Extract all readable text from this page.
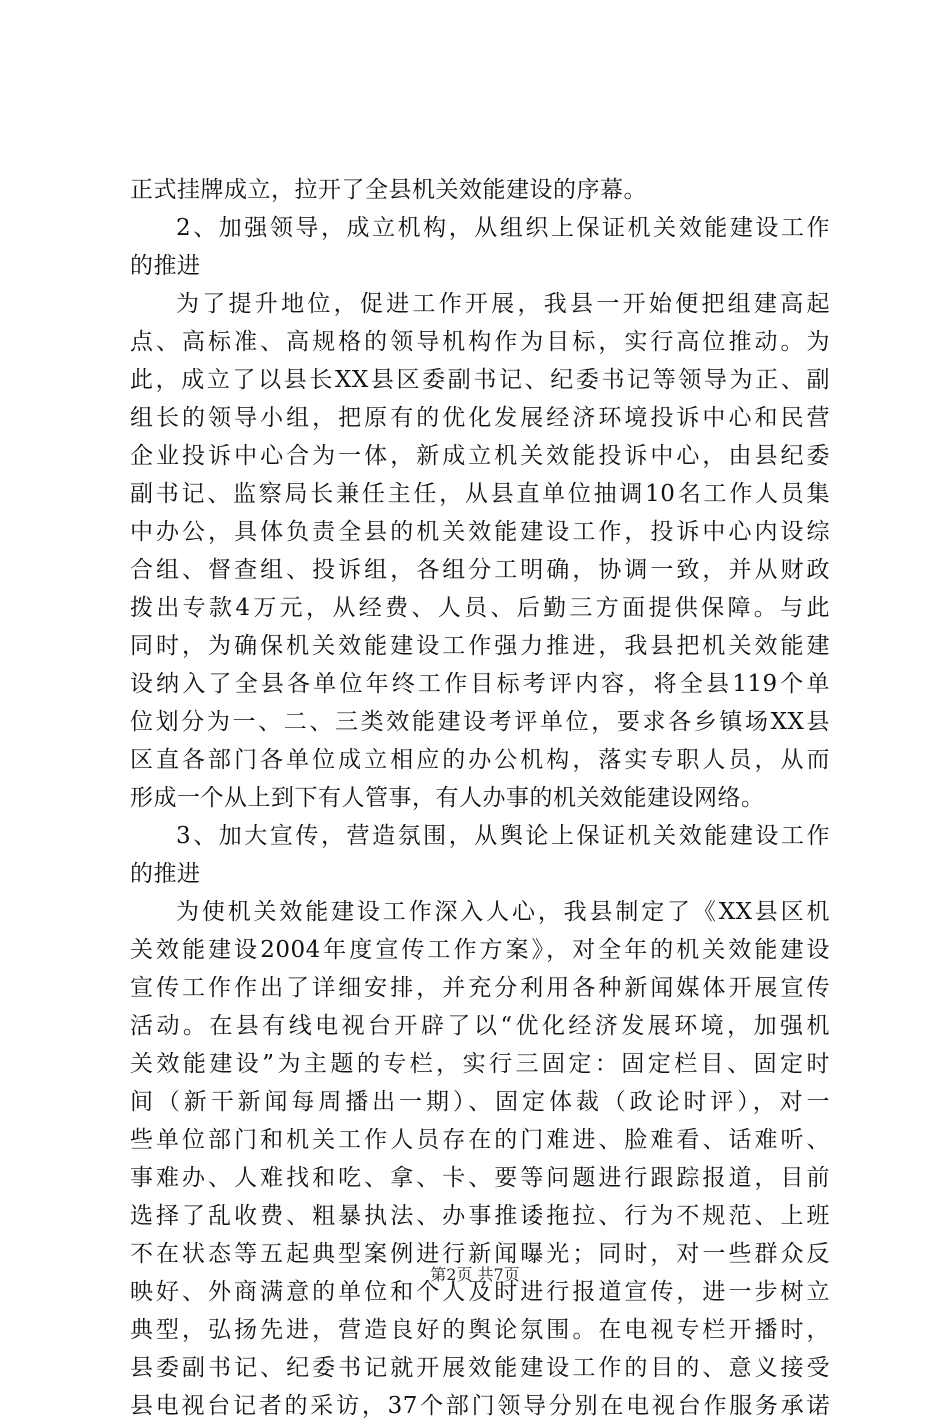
正式挂牌成立，拉开了全县机关效能建设的序幕。
2、加强领导，成立机构，从组织上保证机关效能建设工作
的推进
为了提升地位，促进工作开展，我县一开始便把组建高起
点、高标准、高规格的领导机构作为目标，实行高位推动。为
此，成立了以县长XX县区委副书记、纪委书记等领导为正、副
组长的领导小组，把原有的优化发展经济环境投诉中心和民营
企业投诉中心合为一体，新成立机关效能投诉中心，由县纪委
副书记、监察局长兼任主任，从县直单位抽调10名工作人员集
中办公，具体负责全县的机关效能建设工作，投诉中心内设综
合组、督查组、投诉组，各组分工明确，协调一致，并从财政
拨出专款4万元，从经费、人员、后勤三方面提供保障。与此
同时，为确保机关效能建设工作强力推进，我县把机关效能建
设纳入了全县各单位年终工作目标考评内容，将全县119个单
位划分为一、二、三类效能建设考评单位，要求各乡镇场XX县
区直各部门各单位成立相应的办公机构，落实专职人员，从而
形成一个从上到下有人管事，有人办事的机关效能建设网络。
3、加大宣传，营造氛围，从舆论上保证机关效能建设工作
的推进
为使机关效能建设工作深入人心，我县制定了《XX县区机
关效能建设2004年度宣传工作方案》，对全年的机关效能建设
宣传工作作出了详细安排，并充分利用各种新闻媒体开展宣传
活动。在县有线电视台开辟了以“优化经济发展环境，加强机
关效能建设”为主题的专栏，实行三固定：固定栏目、固定时
间（新干新闻每周播出一期）、固定体裁（政论时评），对一
些单位部门和机关工作人员存在的门难进、脸难看、话难听、
事难办、人难找和吃、拿、卡、要等问题进行跟踪报道，目前
选择了乱收费、粗暴执法、办事推诿拖拉、行为不规范、上班
不在状态等五起典型案例进行新闻曝光；同时，对一些群众反
映好、外商满意的单位和个人及时进行报道宣传，进一步树立
典型，弘扬先进，营造良好的舆论氛围。在电视专栏开播时，
县委副书记、纪委书记就开展效能建设工作的目的、意义接受
县电视台记者的采访，37个部门领导分别在电视台作服务承诺
第2页 共7页
